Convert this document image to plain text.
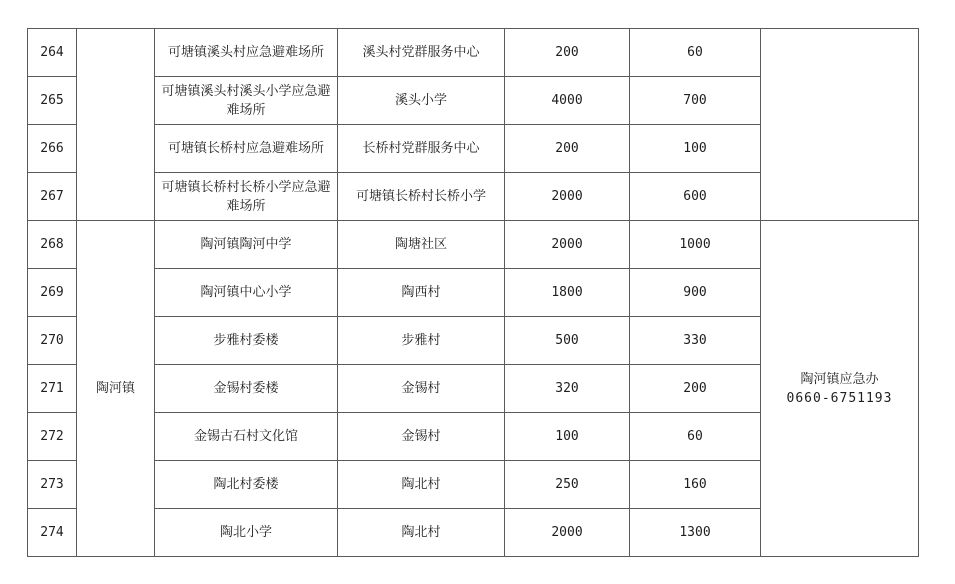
264		可塘镇溪头村应急避难场所	溪头村党群服务中心	200	60	
265		可塘镇溪头村溪头小学应急避难场所	溪头小学	4000	700	
266		可塘镇长桥村应急避难场所	长桥村党群服务中心	200	100	
267		可塘镇长桥村长桥小学应急避难场所	可塘镇长桥村长桥小学	2000	600	
268	陶河镇	陶河镇陶河中学	陶塘社区	2000	1000	陶河镇应急办
0660-6751193

269		陶河镇中心小学	陶西村	1800	900	
270		步雅村委楼	步雅村	500	330	
271		金锡村委楼	金锡村	320	200	
272		金锡古石村文化馆	金锡村	100	60	
273		陶北村委楼	陶北村	250	160	
274		陶北小学	陶北村	2000	1300	
